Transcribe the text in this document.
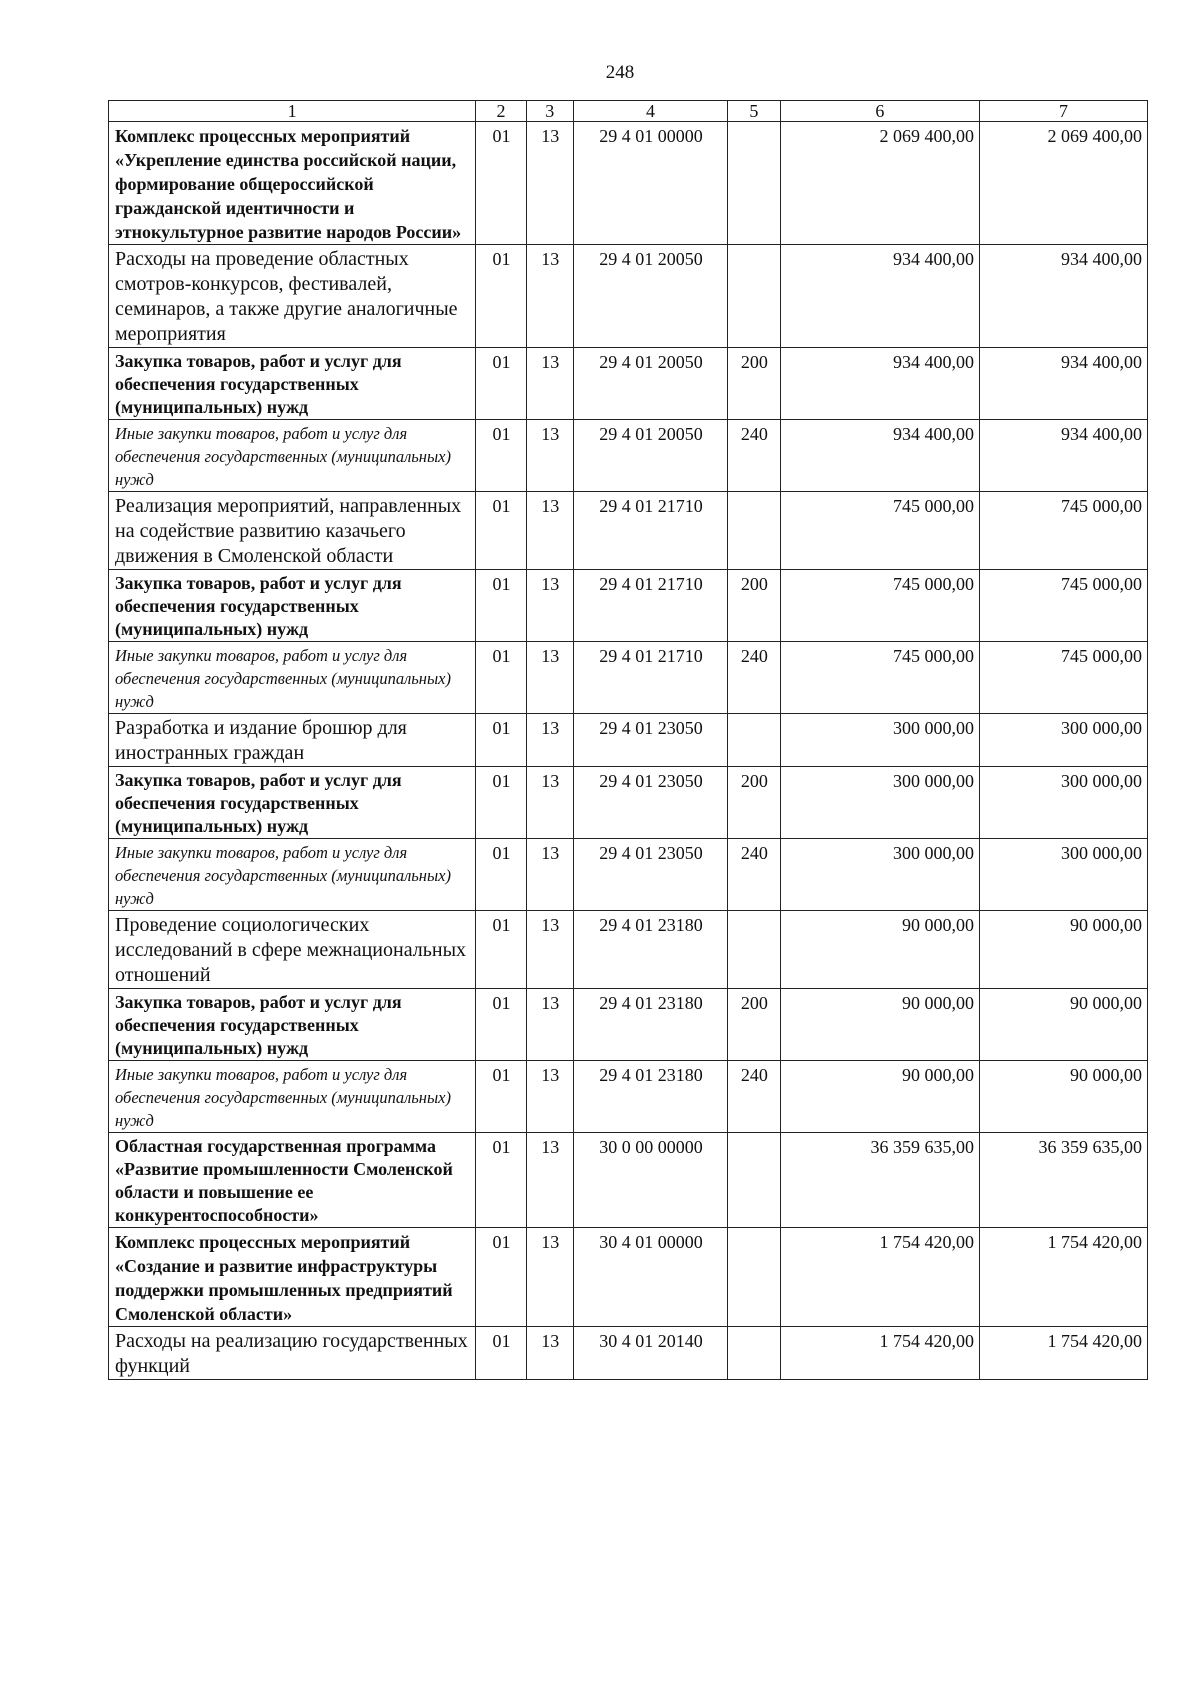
248
1	2	3	4	5	6	7
Комплекс процессных мероприятий «Укрепление единства российской нации, формирование общероссийской гражданской идентичности и этнокультурное развитие народов России»	01	13	29 4 01 00000		2 069 400,00	2 069 400,00
Расходы на проведение областных смотров-конкурсов, фестивалей, семинаров, а также другие аналогичные мероприятия	01	13	29 4 01 20050		934 400,00	934 400,00
Закупка товаров, работ и услуг для обеспечения государственных (муниципальных) нужд	01	13	29 4 01 20050	200	934 400,00	934 400,00
Иные закупки товаров, работ и услуг для обеспечения государственных (муниципальных) нужд	01	13	29 4 01 20050	240	934 400,00	934 400,00
Реализация мероприятий, направленных на содействие развитию казачьего движения в Смоленской области	01	13	29 4 01 21710		745 000,00	745 000,00
Закупка товаров, работ и услуг для обеспечения государственных (муниципальных) нужд	01	13	29 4 01 21710	200	745 000,00	745 000,00
Иные закупки товаров, работ и услуг для обеспечения государственных (муниципальных) нужд	01	13	29 4 01 21710	240	745 000,00	745 000,00
Разработка и издание брошюр для иностранных граждан	01	13	29 4 01 23050		300 000,00	300 000,00
Закупка товаров, работ и услуг для обеспечения государственных (муниципальных) нужд	01	13	29 4 01 23050	200	300 000,00	300 000,00
Иные закупки товаров, работ и услуг для обеспечения государственных (муниципальных) нужд	01	13	29 4 01 23050	240	300 000,00	300 000,00
Проведение социологических исследований в сфере межнациональных отношений	01	13	29 4 01 23180		90 000,00	90 000,00
Закупка товаров, работ и услуг для обеспечения государственных (муниципальных) нужд	01	13	29 4 01 23180	200	90 000,00	90 000,00
Иные закупки товаров, работ и услуг для обеспечения государственных (муниципальных) нужд	01	13	29 4 01 23180	240	90 000,00	90 000,00
Областная государственная программа «Развитие промышленности Смоленской области и повышение ее конкурентоспособности»	01	13	30 0 00 00000		36 359 635,00	36 359 635,00
Комплекс процессных мероприятий «Создание и развитие инфраструктуры поддержки промышленных предприятий Смоленской области»	01	13	30 4 01 00000		1 754 420,00	1 754 420,00
Расходы на реализацию государственных функций	01	13	30 4 01 20140		1 754 420,00	1 754 420,00
